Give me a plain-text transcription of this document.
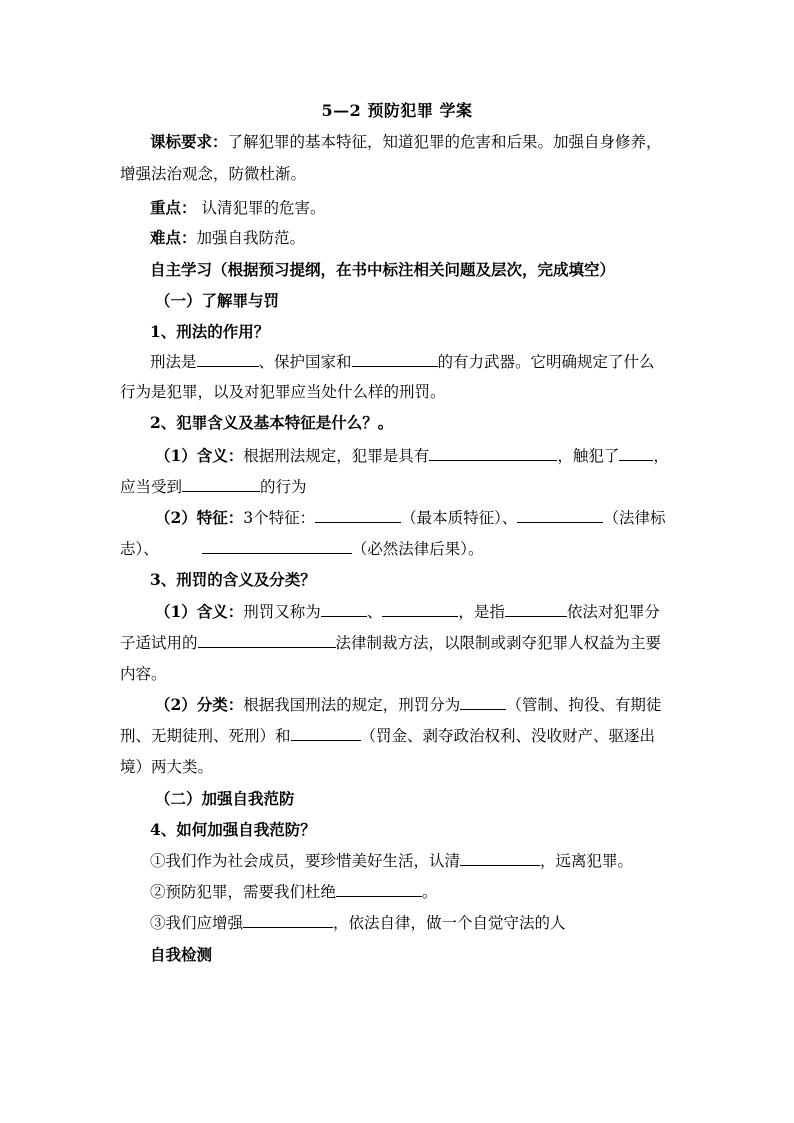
5—2 预防犯罪 学案
课标要求：了解犯罪的基本特征，知道犯罪的危害和后果。加强自身修养，
增强法治观念，防微杜渐。
重点： 认清犯罪的危害。
难点：加强自我防范。
自主学习（根据预习提纲，在书中标注相关问题及层次，完成填空）
（一）了解罪与罚
1、刑法的作用？
刑法是	、保护国家和	的有力武器。它明确规定了什么
行为是犯罪，以及对犯罪应当处什么样的刑罚。
2、犯罪含义及基本特征是什么？。
（1）含义：根据刑法规定，犯罪是具有	，触犯了 ，
应当受到	的行为
（2）特征：3个特征：	（最本质特征）、	（法律标
志）、	（必然法律后果）。
3、刑罚的含义及分类？
（1）含义：刑罚又称为	、	，是指	依法对犯罪分
子适试用的	法律制裁方法，以限制或剥夺犯罪人权益为主要
内容。
（2）分类：根据我国刑法的规定，刑罚分为	（管制、拘役、有期徒
刑、无期徒刑、死刑）和	（罚金、剥夺政治权利、没收财产、驱逐出
境）两大类。
（二）加强自我范防
4、如何加强自我范防？
①我们作为社会成员，要珍惜美好生活，认清	，远离犯罪。
②预防犯罪，需要我们杜绝	。
③我们应增强	，依法自律，做一个自觉守法的人
自我检测
